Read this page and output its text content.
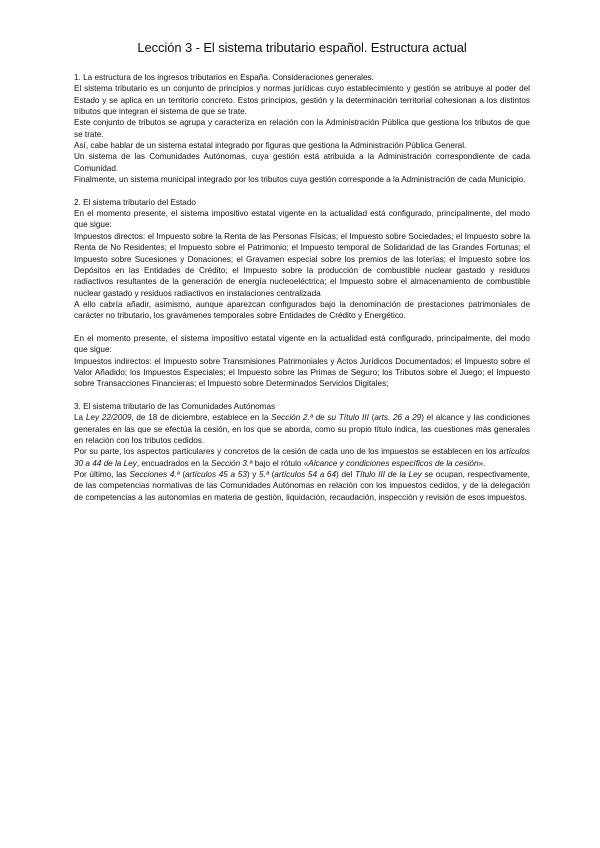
Lección 3 - El sistema tributario español. Estructura actual

1. La estructura de los ingresos tributarios en España. Consideraciones generales.

El sistema tributario es un conjunto de principios y normas jurídicas cuyo establecimiento y gestión se atribuye al poder del Estado y se aplica en un territorio concreto. Estos principios, gestión y la determinación territorial cohesionan a los distintos tributos que integran el sistema de que se trate.

Este conjunto de tributos se agrupa y caracteriza en relación con la Administración Pública que gestiona los tributos de que se trate.

Así, cabe hablar de un sistema estatal integrado por figuras que gestiona la Administración Pública General.

Un sistema de las Comunidades Autónomas, cuya gestión está atribuida a la Administración correspondiente de cada Comunidad.

Finalmente, un sistema municipal integrado por los tributos cuya gestión corresponde a la Administración de cada Municipio.

2. El sistema tributario del Estado

En el momento presente, el sistema impositivo estatal vigente en la actualidad está configurado, principalmente, del modo que sigue:

Impuestos directos: el Impuesto sobre la Renta de las Personas Físicas; el Impuesto sobre Sociedades; el Impuesto sobre la Renta de No Residentes; el Impuesto sobre el Patrimonio; el Impuesto temporal de Solidaridad de las Grandes Fortunas; el Impuesto sobre Sucesiones y Donaciones; el Gravamen especial sobre los premios de las loterías; el Impuesto sobre los Depósitos en las Entidades de Crédito; el Impuesto sobre la producción de combustible nuclear gastado y residuos radiactivos resultantes de la generación de energía nucleoeléctrica; el Impuesto sobre el almacenamiento de combustible nuclear gastado y residuos radiactivos en instalaciones centralizada

A ello cabría añadir, asimismo, aunque aparezcan configurados bajo la denominación de prestaciones patrimoniales de carácter no tributario, los gravámenes temporales sobre Entidades de Crédito y Energético.

En el momento presente, el sistema impositivo estatal vigente en la actualidad está configurado, principalmente, del modo que sigue:

Impuestos indirectos: el Impuesto sobre Transmisiones Patrimoniales y Actos Jurídicos Documentados; el Impuesto sobre el Valor Añadido; los Impuestos Especiales; el Impuesto sobre las Primas de Seguro; los Tributos sobre el Juego; el Impuesto sobre Transacciones Financieras; el Impuesto sobre Determinados Servicios Digitales;

3. El sistema tributario de las Comunidades Autónomas

La Ley 22/2009, de 18 de diciembre, establece en la Sección 2.ª de su Título III (arts. 26 a 29) el alcance y las condiciones generales en las que se efectúa la cesión, en los que se aborda, como su propio título indica, las cuestiones más generales en relación con los tributos cedidos.

Por su parte, los aspectos particulares y concretos de la cesión de cada uno de los impuestos se establecen en los artículos 30 a 44 de la Ley, encuadrados en la Sección 3.ª bajo el rótulo «Alcance y condiciones específicos de la cesión».

Por último, las Secciones 4.ª (artículos 45 a 53) y 5.ª (artículos 54 a 64) del Título III de la Ley se ocupan, respectivamente, de las competencias normativas de las Comunidades Autónomas en relación con los impuestos cedidos, y de la delegación de competencias a las autonomías en materia de gestión, liquidación, recaudación, inspección y revisión de esos impuestos.
